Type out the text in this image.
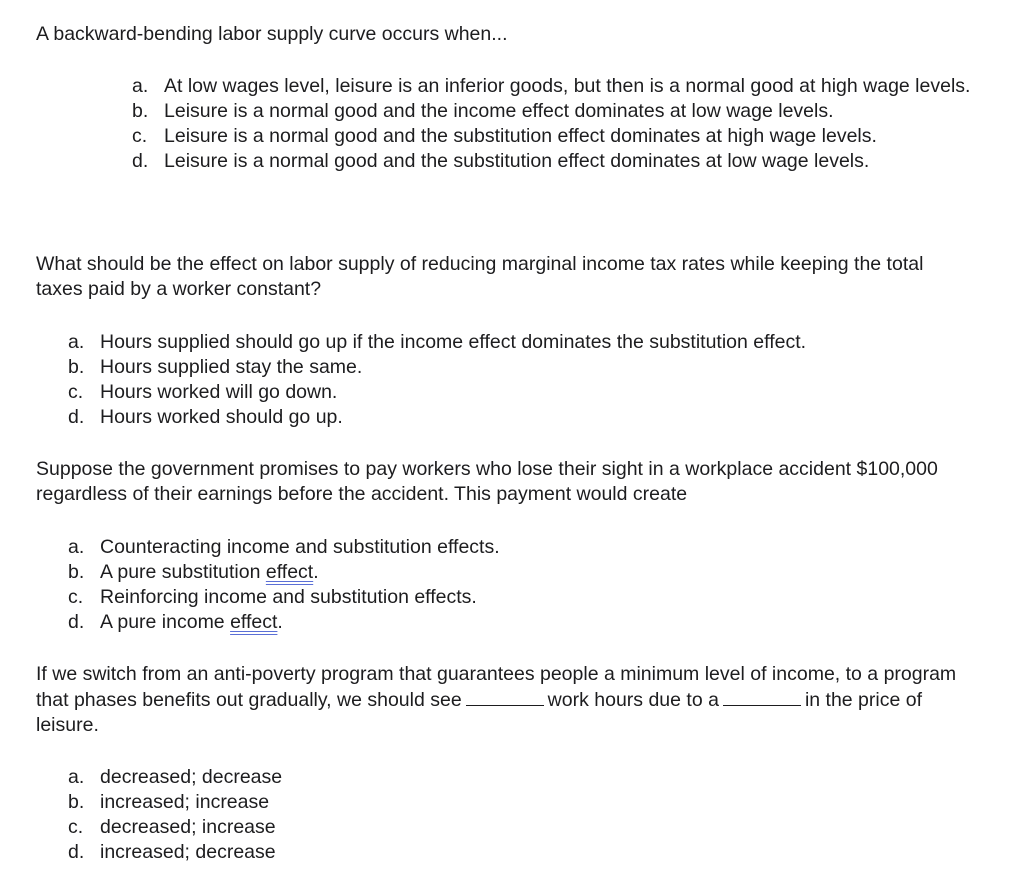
A backward-bending labor supply curve occurs when...

a. At low wages level, leisure is an inferior goods, but then is a normal good at high wage levels.
b. Leisure is a normal good and the income effect dominates at low wage levels.
c. Leisure is a normal good and the substitution effect dominates at high wage levels.
d. Leisure is a normal good and the substitution effect dominates at low wage levels.

What should be the effect on labor supply of reducing marginal income tax rates while keeping the total taxes paid by a worker constant?

a. Hours supplied should go up if the income effect dominates the substitution effect.
b. Hours supplied stay the same.
c. Hours worked will go down.
d. Hours worked should go up.

Suppose the government promises to pay workers who lose their sight in a workplace accident $100,000 regardless of their earnings before the accident. This payment would create

a. Counteracting income and substitution effects.
b. A pure substitution effect.
c. Reinforcing income and substitution effects.
d. A pure income effect.

If we switch from an anti-poverty program that guarantees people a minimum level of income, to a program that phases benefits out gradually, we should see	work hours due to a	in the price of leisure.

a. decreased; decrease
b. increased; increase
c. decreased; increase
d. increased; decrease
